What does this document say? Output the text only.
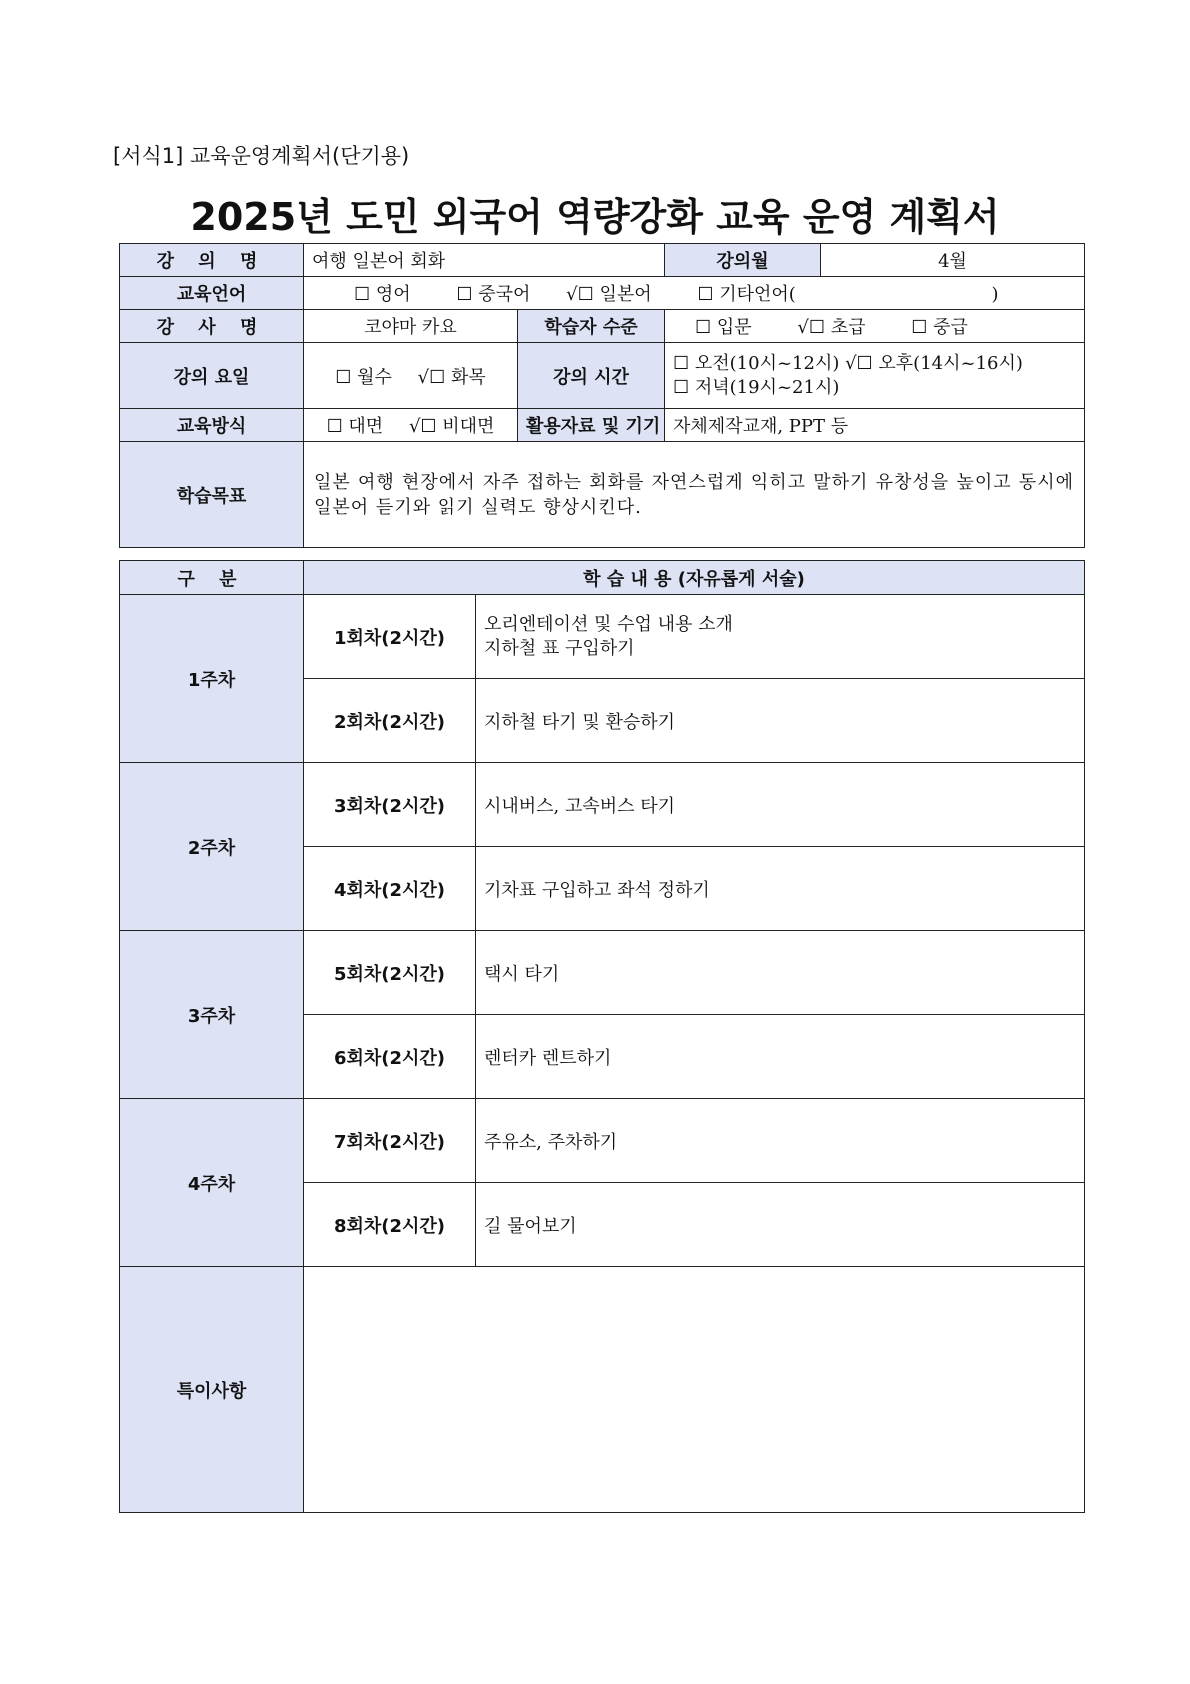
[서식1] 교육운영계획서(단기용)
2025년 도민 외국어 역량강화 교육 운영 계획서
강 의 명	여행 일본어 회화		강의월	4월
교육언어	☐ 영어 ☐ 중국어 √☐ 일본어 ☐ 기타언어( )			
강 사 명	코야마 카요	학습자 수준	☐ 입문 √☐ 초급 ☐ 중급	
강의 요일	☐ 월수 √☐ 화목	강의 시간	☐ 오전(10시~12시) √☐ 오후(14시~16시)
☐ 저녁(19시~21시)	

교육방식	☐ 대면 √☐ 비대면	활용자료 및 기기	자체제작교재, PPT 등	
학습목표	일본 여행 현장에서 자주 접하는 회화를 자연스럽게 익히고 말하기 유창성을 높이고 동시에 일본어 듣기와 읽기 실력도 향상시킨다.			
구 분	학 습 내 용 (자유롭게 서술)	
1주차	1회차(2시간)	오리엔테이션 및 수업 내용 소개
지하철 표 구입하기

	2회차(2시간)	지하철 타기 및 환승하기
2주차	3회차(2시간)	시내버스, 고속버스 타기
	4회차(2시간)	기차표 구입하고 좌석 정하기
3주차	5회차(2시간)	택시 타기
	6회차(2시간)	렌터카 렌트하기
4주차	7회차(2시간)	주유소, 주차하기
	8회차(2시간)	길 물어보기
특이사항		
